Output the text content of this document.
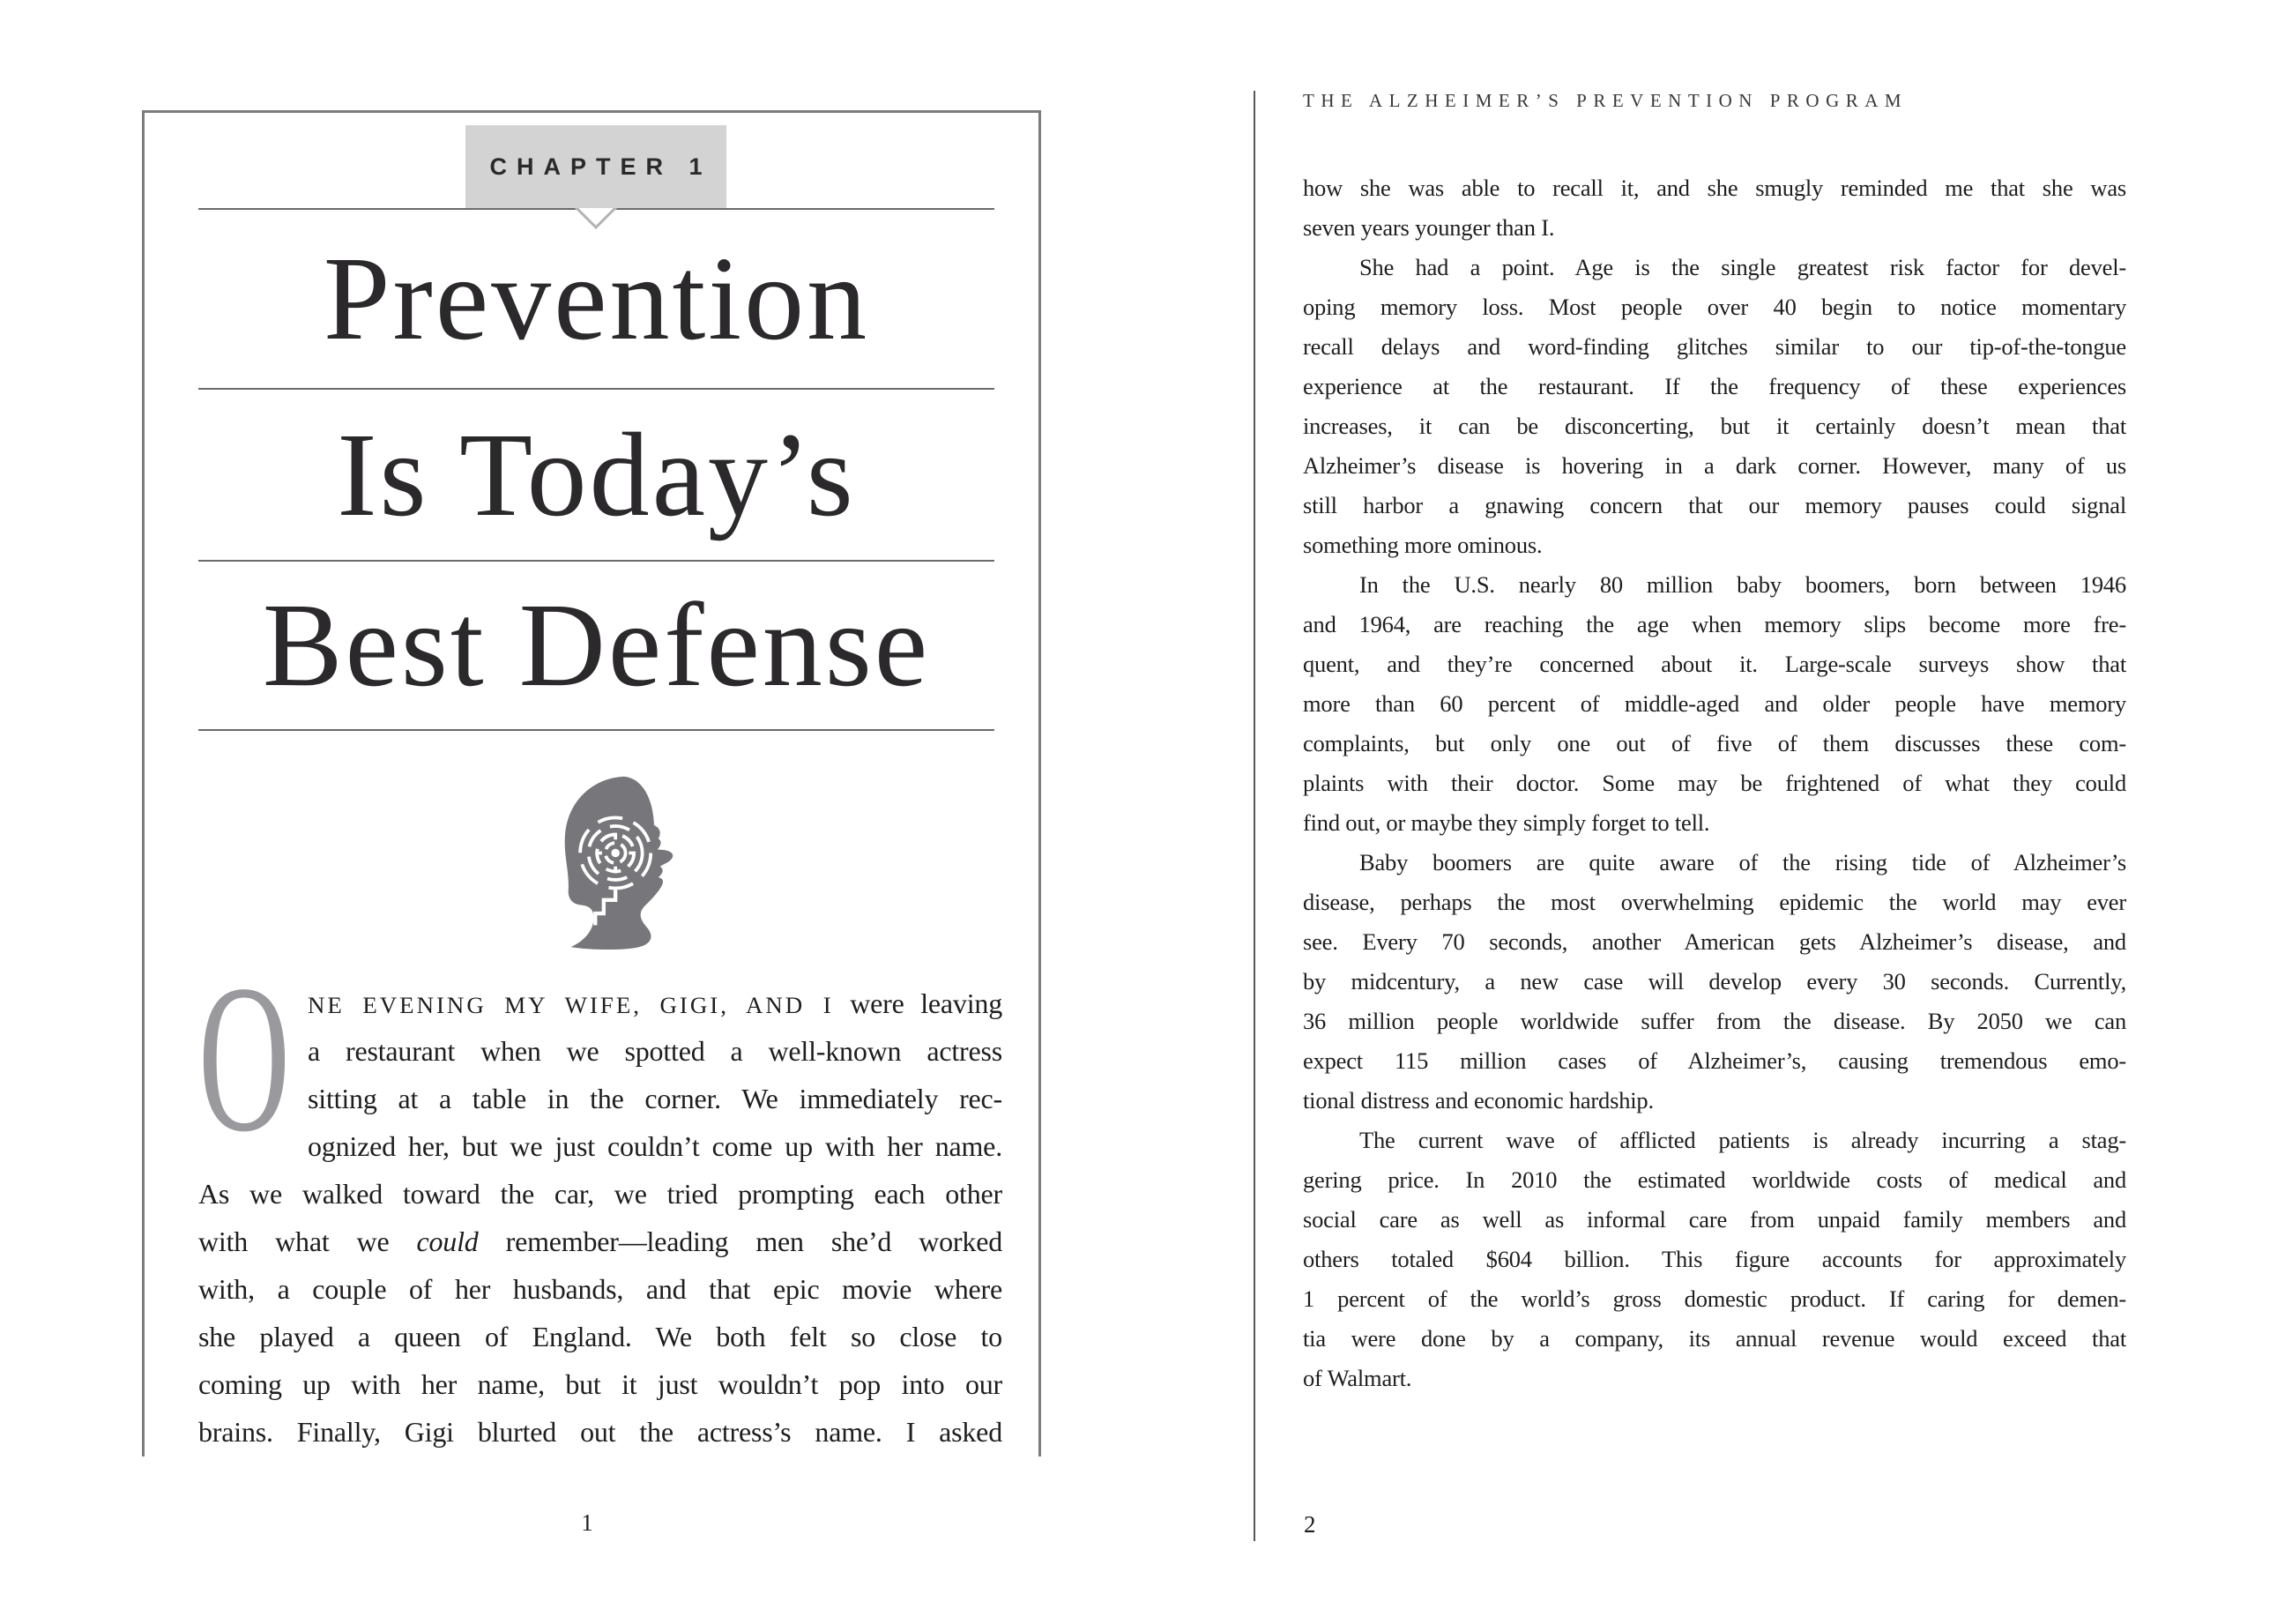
CHAPTER 1
Prevention
Is Today’s
Best Defense
O NE EVENING MY WIFE, GIGI, AND I were leaving
a restaurant when we spotted a well-known actress
sitting at a table in the corner. We immediately rec-
ognized her, but we just couldn’t come up with her name.
As we walked toward the car, we tried prompting each other
with what we could remember—leading men she’d worked
with, a couple of her husbands, and that epic movie where
she played a queen of England. We both felt so close to
coming up with her name, but it just wouldn’t pop into our
brains. Finally, Gigi blurted out the actress’s name. I asked
1
THE ALZHEIMER’S PREVENTION PROGRAM
how she was able to recall it, and she smugly reminded me that she was
seven years younger than I.
She had a point. Age is the single greatest risk factor for devel-
oping memory loss. Most people over 40 begin to notice momentary
recall delays and word-finding glitches similar to our tip-of-the-tongue
experience at the restaurant. If the frequency of these experiences
increases, it can be disconcerting, but it certainly doesn’t mean that
Alzheimer’s disease is hovering in a dark corner. However, many of us
still harbor a gnawing concern that our memory pauses could signal
something more ominous.
In the U.S. nearly 80 million baby boomers, born between 1946
and 1964, are reaching the age when memory slips become more fre-
quent, and they’re concerned about it. Large-scale surveys show that
more than 60 percent of middle-aged and older people have memory
complaints, but only one out of five of them discusses these com-
plaints with their doctor. Some may be frightened of what they could
find out, or maybe they simply forget to tell.
Baby boomers are quite aware of the rising tide of Alzheimer’s
disease, perhaps the most overwhelming epidemic the world may ever
see. Every 70 seconds, another American gets Alzheimer’s disease, and
by midcentury, a new case will develop every 30 seconds. Currently,
36 million people worldwide suffer from the disease. By 2050 we can
expect 115 million cases of Alzheimer’s, causing tremendous emo-
tional distress and economic hardship.
The current wave of afflicted patients is already incurring a stag-
gering price. In 2010 the estimated worldwide costs of medical and
social care as well as informal care from unpaid family members and
others totaled $604 billion. This figure accounts for approximately
1 percent of the world’s gross domestic product. If caring for demen-
tia were done by a company, its annual revenue would exceed that
of Walmart.
2
